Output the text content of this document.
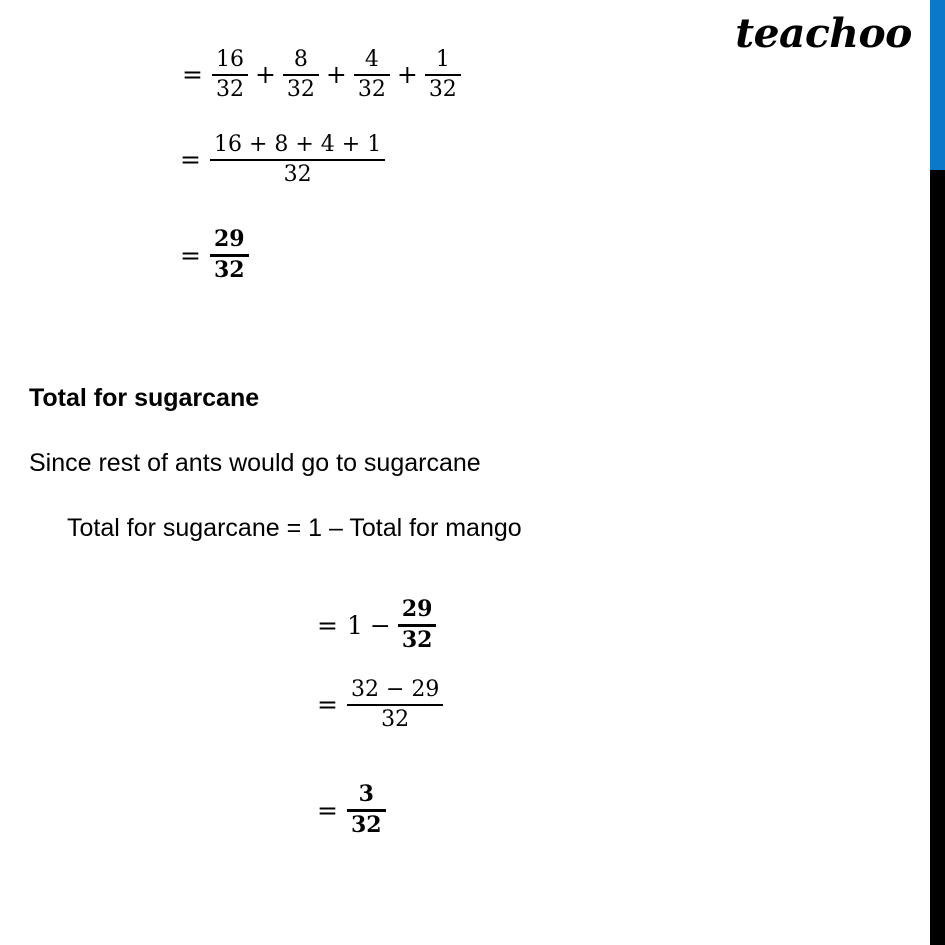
teachoo
= $\frac{16}{32} + \frac{8}{32} + \frac{4}{32} + \frac{1}{32}$
= $\frac{16 + 8 + 4 + 1}{32}$
= $\frac{29}{32}$
Total for sugarcane
Since rest of ants would go to sugarcane
Total for sugarcane = 1 – Total for mango
= $1 - \frac{29}{32}$
= $\frac{32 - 29}{32}$
= $\frac{3}{32}$
